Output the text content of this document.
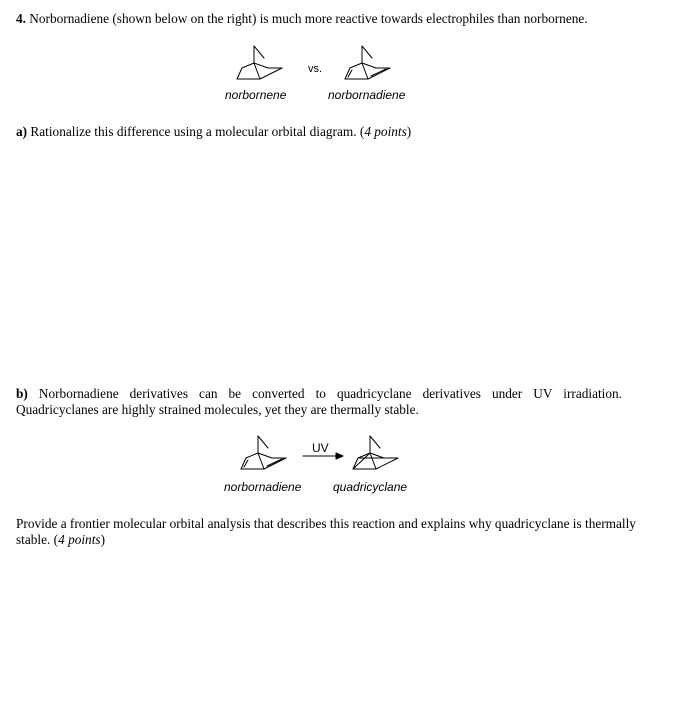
4. Norbornadiene (shown below on the right) is much more reactive towards electrophiles than norbornene.
norbornene
vs.
norbornadiene
a) Rationalize this difference using a molecular orbital diagram. (4 points)
b) Norbornadiene derivatives can be converted to quadricyclane derivatives under UV irradiation. Quadricyclanes are highly strained molecules, yet they are thermally stable.
norbornadiene
UV
quadricyclane
Provide a frontier molecular orbital analysis that describes this reaction and explains why quadricyclane is thermally stable. (4 points)
